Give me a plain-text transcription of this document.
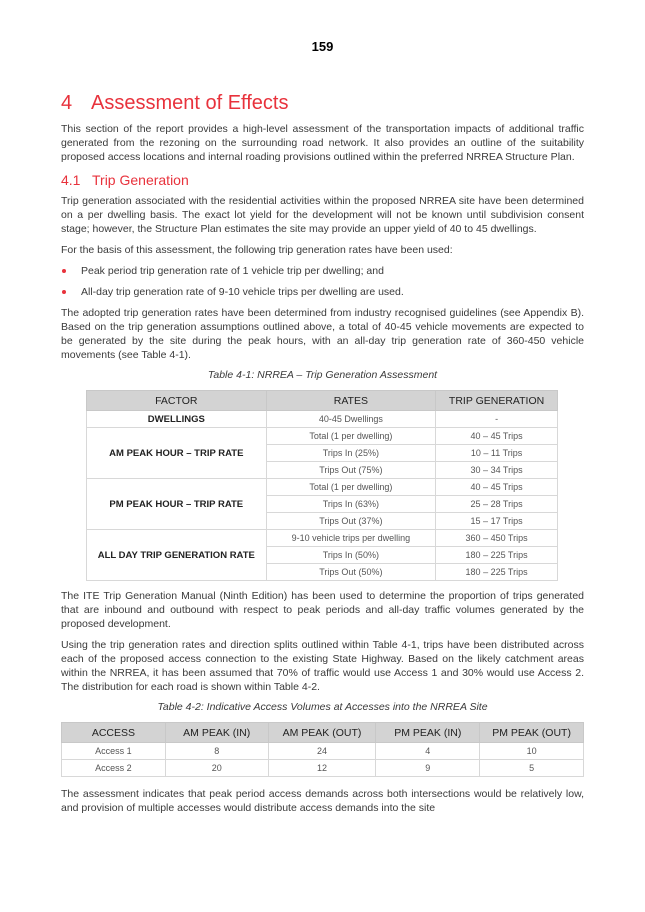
159
4 Assessment of Effects

This section of the report provides a high-level assessment of the transportation impacts of additional traffic generated from the rezoning on the surrounding road network. It also provides an outline of the suitability proposed access locations and internal roading provisions outlined within the preferred NRREA Structure Plan.

4.1 Trip Generation

Trip generation associated with the residential activities within the proposed NRREA site have been determined on a per dwelling basis. The exact lot yield for the development will not be known until subdivision consent stage; however, the Structure Plan estimates the site may provide an upper yield of 40 to 45 dwellings.

For the basis of this assessment, the following trip generation rates have been used:

Peak period trip generation rate of 1 vehicle trip per dwelling; and
All-day trip generation rate of 9-10 vehicle trips per dwelling are used.

The adopted trip generation rates have been determined from industry recognised guidelines (see Appendix B). Based on the trip generation assumptions outlined above, a total of 40-45 vehicle movements are expected to be generated by the site during the peak hours, with an all-day trip generation rate of 360-450 vehicle movements (see Table 4-1).

Table 4-1: NRREA – Trip Generation Assessment
FACTOR	RATES	TRIP GENERATION
DWELLINGS	40-45 Dwellings	-
AM PEAK HOUR – TRIP RATE	Total (1 per dwelling)	40 – 45 Trips
	Trips In (25%)	10 – 11 Trips
	Trips Out (75%)	30 – 34 Trips
PM PEAK HOUR – TRIP RATE	Total (1 per dwelling)	40 – 45 Trips
	Trips In (63%)	25 – 28 Trips
	Trips Out (37%)	15 – 17 Trips
ALL DAY TRIP GENERATION RATE	9-10 vehicle trips per dwelling	360 – 450 Trips
	Trips In (50%)	180 – 225 Trips
	Trips Out (50%)	180 – 225 Trips

The ITE Trip Generation Manual (Ninth Edition) has been used to determine the proportion of trips generated that are inbound and outbound with respect to peak periods and all-day traffic volumes generated by the proposed development.

Using the trip generation rates and direction splits outlined within Table 4-1, trips have been distributed across each of the proposed access connection to the existing State Highway. Based on the likely catchment areas within the NRREA, it has been assumed that 70% of traffic would use Access 1 and 30% would use Access 2. The distribution for each road is shown within Table 4-2.

Table 4-2: Indicative Access Volumes at Accesses into the NRREA Site
ACCESS	AM PEAK (IN)	AM PEAK (OUT)	PM PEAK (IN)	PM PEAK (OUT)
Access 1	8	24	4	10
Access 2	20	12	9	5

The assessment indicates that peak period access demands across both intersections would be relatively low, and provision of multiple accesses would distribute access demands into the site
